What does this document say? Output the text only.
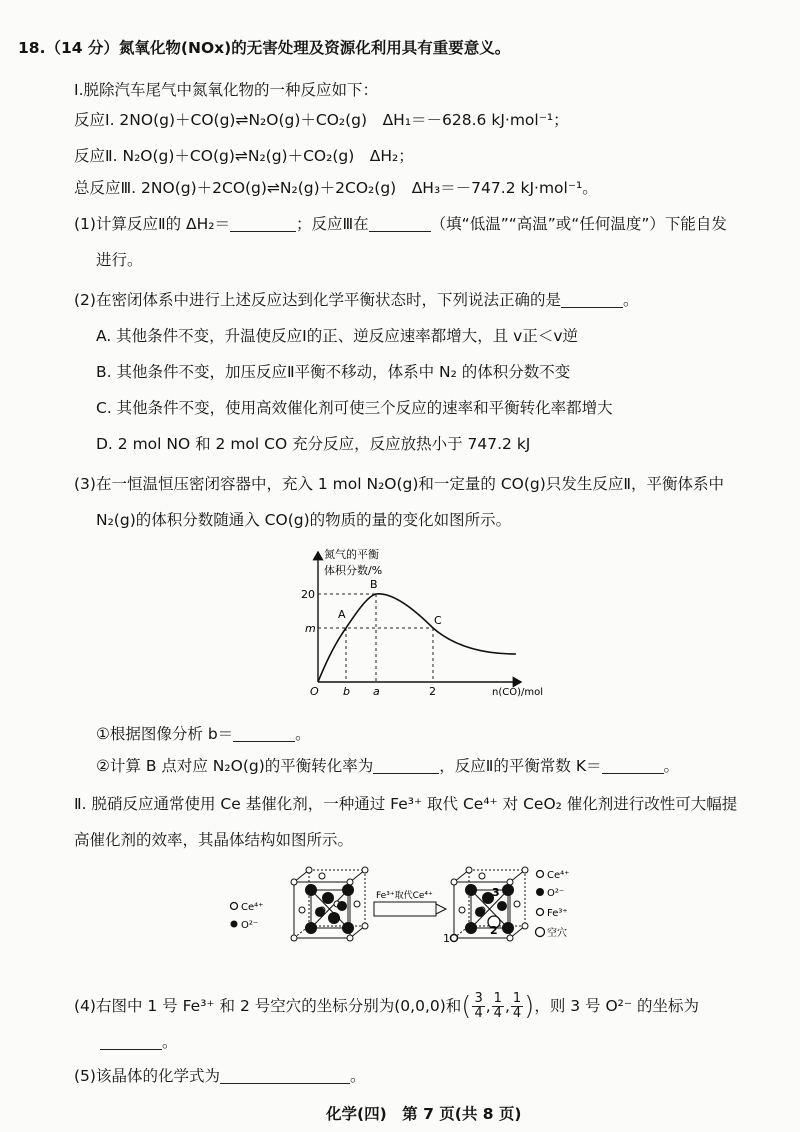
18.（14 分）氮氧化物(NOx)的无害处理及资源化利用具有重要意义。
Ⅰ.脱除汽车尾气中氮氧化物的一种反应如下：
反应Ⅰ. 2NO(g)＋CO(g)⇌N₂O(g)＋CO₂(g)　ΔH₁＝－628.6 kJ·mol⁻¹；
反应Ⅱ. N₂O(g)＋CO(g)⇌N₂(g)＋CO₂(g)　ΔH₂；
总反应Ⅲ. 2NO(g)＋2CO(g)⇌N₂(g)＋2CO₂(g)　ΔH₃＝－747.2 kJ·mol⁻¹。
(1)计算反应Ⅱ的 ΔH₂＝	；反应Ⅲ在	（填“低温”“高温”或“任何温度”）下能自发
进行。
(2)在密闭体系中进行上述反应达到化学平衡状态时，下列说法正确的是	。
A. 其他条件不变，升温使反应Ⅰ的正、逆反应速率都增大，且 v正＜v逆
B. 其他条件不变，加压反应Ⅱ平衡不移动，体系中 N₂ 的体积分数不变
C. 其他条件不变，使用高效催化剂可使三个反应的速率和平衡转化率都增大
D. 2 mol NO 和 2 mol CO 充分反应，反应放热小于 747.2 kJ
(3)在一恒温恒压密闭容器中，充入 1 mol N₂O(g)和一定量的 CO(g)只发生反应Ⅱ，平衡体系中
N₂(g)的体积分数随通入 CO(g)的物质的量的变化如图所示。
氮气的平衡
体积分数/%
20
m
O b a	2	n(CO)/mol
A
B
C
①根据图像分析 b＝	。
②计算 B 点对应 N₂O(g)的平衡转化率为	，反应Ⅱ的平衡常数 K＝	。
Ⅱ. 脱硝反应通常使用 Ce 基催化剂，一种通过 Fe³⁺ 取代 Ce⁴⁺ 对 CeO₂ 催化剂进行改性可大幅提
高催化剂的效率，其晶体结构如图所示。
Ce⁴⁺
O²⁻
Fe³⁺取代Ce⁴⁺	3
2
1
Ce⁴⁺
O²⁻
Fe³⁺
空穴
(4)右图中 1 号 Fe³⁺ 和 2 号空穴的坐标分别为(0,0,0)和( $\frac{3}{4}$ , $\frac{1}{4}$ , $\frac{1}{4}$ )，则 3 号 O²⁻ 的坐标为
。
(5)该晶体的化学式为	。
化学(四)　第 7 页(共 8 页)
